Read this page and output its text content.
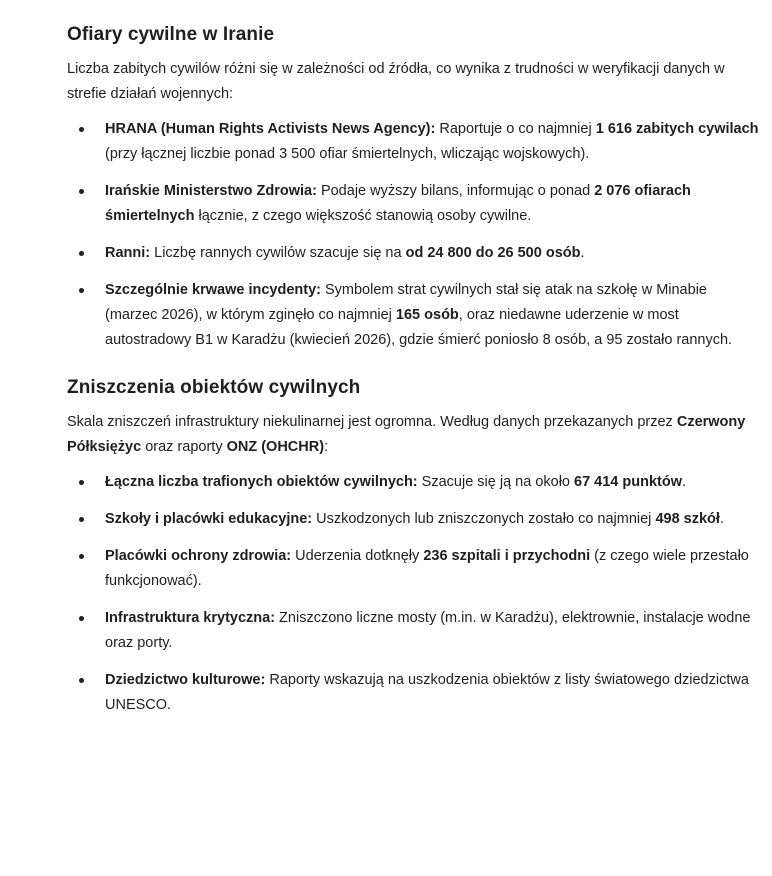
Ofiary cywilne w Iranie

Liczba zabitych cywilów różni się w zależności od źródła, co wynika z trudności w weryfikacji danych w strefie działań wojennych:

HRANA (Human Rights Activists News Agency): Raportuje o co najmniej 1 616 zabitych cywilach (przy łącznej liczbie ponad 3 500 ofiar śmiertelnych, wliczając wojskowych).
Irańskie Ministerstwo Zdrowia: Podaje wyższy bilans, informując o ponad 2 076 ofiarach śmiertelnych łącznie, z czego większość stanowią osoby cywilne.
Ranni: Liczbę rannych cywilów szacuje się na od 24 800 do 26 500 osób.
Szczególnie krwawe incydenty: Symbolem strat cywilnych stał się atak na szkołę w Minabie (marzec 2026), w którym zginęło co najmniej 165 osób, oraz niedawne uderzenie w most autostradowy B1 w Karadżu (kwiecień 2026), gdzie śmierć poniosło 8 osób, a 95 zostało rannych.
Zniszczenia obiektów cywilnych

Skala zniszczeń infrastruktury niekulinarnej jest ogromna. Według danych przekazanych przez Czerwony Półksiężyc oraz raporty ONZ (OHCHR):

Łączna liczba trafionych obiektów cywilnych: Szacuje się ją na około 67 414 punktów.
Szkoły i placówki edukacyjne: Uszkodzonych lub zniszczonych zostało co najmniej 498 szkół.
Placówki ochrony zdrowia: Uderzenia dotknęły 236 szpitali i przychodni (z czego wiele przestało funkcjonować).
Infrastruktura krytyczna: Zniszczono liczne mosty (m.in. w Karadżu), elektrownie, instalacje wodne oraz porty.
Dziedzictwo kulturowe: Raporty wskazują na uszkodzenia obiektów z listy światowego dziedzictwa UNESCO.
